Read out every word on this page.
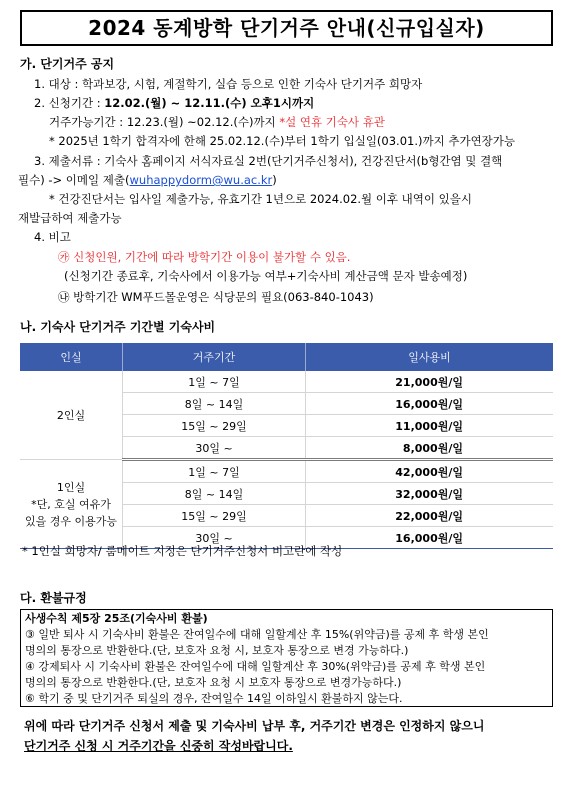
2024 동계방학 단기거주 안내(신규입실자)
가. 단기거주 공지
1. 대상 : 학과보강, 시험, 계절학기, 실습 등으로 인한 기숙사 단기거주 희망자
2. 신청기간 : 12.02.(월) ~ 12.11.(수) 오후1시까지
거주가능기간 : 12.23.(월) ~02.12.(수)까지 *설 연휴 기숙사 휴관
* 2025년 1학기 합격자에 한해 25.02.12.(수)부터 1학기 입실일(03.01.)까지 추가연장가능
3. 제출서류 : 기숙사 홈페이지 서식자료실 2번(단기거주신청서), 건강진단서(b형간염 및 결핵
필수) -> 이메일 제출(wuhappydorm@wu.ac.kr)
* 건강진단서는 입사일 제출가능, 유효기간 1년으로 2024.02.월 이후 내역이 있을시
재발급하여 제출가능
4. 비고
㉮ 신청인원, 기간에 따라 방학기간 이용이 불가할 수 있음.
(신청기간 종료후, 기숙사에서 이용가능 여부+기숙사비 계산금액 문자 발송예정)
㉯ 방학기간 WM푸드몰운영은 식당문의 필요(063-840-1043)
나. 기숙사 단기거주 기간별 기숙사비
인실	거주기간	일사용비

2인실	1일 ~ 7일	21,000원/일
	8일 ~ 14일	16,000원/일
	15일 ~ 29일	11,000원/일
	30일 ~	8,000원/일

1인실
*단, 호실 여유가
있을 경우 이용가능	1일 ~ 7일	42,000원/일
	8일 ~ 14일	32,000원/일
	15일 ~ 29일	22,000원/일
	30일 ~	16,000원/일
* 1인실 희망자/ 룸메이트 지정은 단기거주신청서 비고란에 작성
다. 환불규정
사생수칙 제5장 25조(기숙사비 환불)
③ 일반 퇴사 시 기숙사비 환불은 잔여일수에 대해 일할계산 후 15%(위약금)를 공제 후 학생 본인
명의의 통장으로 반환한다.(단, 보호자 요청 시, 보호자 통장으로 변경 가능하다.)
④ 강제퇴사 시 기숙사비 환불은 잔여일수에 대해 일할계산 후 30%(위약금)를 공제 후 학생 본인
명의의 통장으로 반환한다.(단, 보호자 요청 시 보호자 통장으로 변경가능하다.)
⑥ 학기 중 및 단기거주 퇴실의 경우, 잔여일수 14일 이하일시 환불하지 않는다.
위에 따라 단기거주 신청서 제출 및 기숙사비 납부 후, 거주기간 변경은 인정하지 않으니
단기거주 신청 시 거주기간을 신중히 작성바랍니다.
